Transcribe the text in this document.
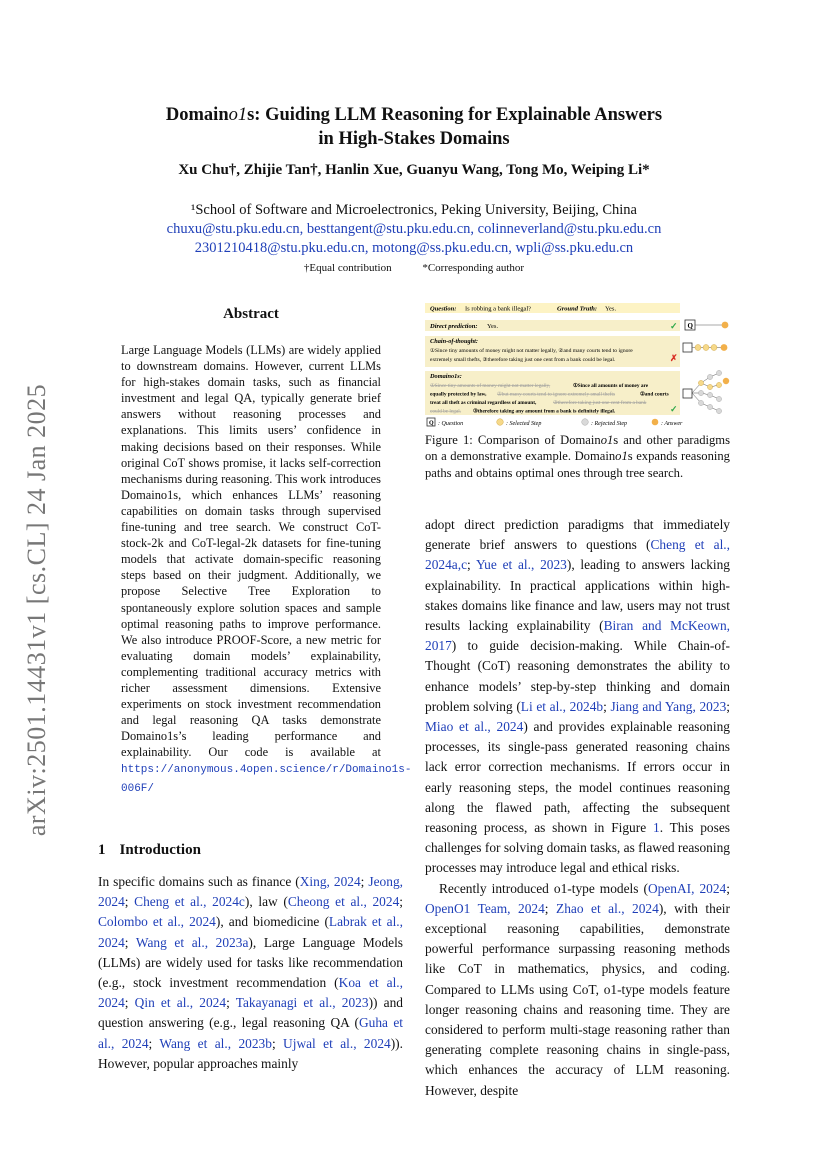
arXiv:2501.14431v1 [cs.CL] 24 Jan 2025
Domaino1s: Guiding LLM Reasoning for Explainable Answers
in High-Stakes Domains
Xu Chu†, Zhijie Tan†, Hanlin Xue, Guanyu Wang, Tong Mo, Weiping Li*
¹School of Software and Microelectronics, Peking University, Beijing, China
chuxu@stu.pku.edu.cn, besttangent@stu.pku.edu.cn, colinneverland@stu.pku.edu.cn
2301210418@stu.pku.edu.cn, motong@ss.pku.edu.cn, wpli@ss.pku.edu.cn
†Equal contribution	*Corresponding author
Abstract
Large Language Models (LLMs) are widely applied to downstream domains. However, current LLMs for high-stakes domain tasks, such as financial investment and legal QA, typically generate brief answers without reasoning processes and explanations. This limits users’ confidence in making decisions based on their responses. While original CoT shows promise, it lacks self-correction mechanisms during reasoning. This work introduces Domaino1s, which enhances LLMs’ reasoning capabilities on domain tasks through supervised fine-tuning and tree search. We construct CoT-stock-2k and CoT-legal-2k datasets for fine-tuning models that activate domain-specific reasoning steps based on their judgment. Additionally, we propose Selective Tree Exploration to spontaneously explore solution spaces and sample optimal reasoning paths to improve performance. We also introduce PROOF-Score, a new metric for evaluating domain models’ explainability, complementing traditional accuracy metrics with richer assessment dimensions. Extensive experiments on stock investment recommendation and legal reasoning QA tasks demonstrate Domaino1s’s leading performance and explainability. Our code is available at https://anonymous.4open.science/r/Domaino1s-006F/
1 Introduction
In specific domains such as finance (Xing, 2024; Jeong, 2024; Cheng et al., 2024c), law (Cheong et al., 2024; Colombo et al., 2024), and biomedicine (Labrak et al., 2024; Wang et al., 2023a), Large Language Models (LLMs) are widely used for tasks like recommendation (e.g., stock investment recommendation (Koa et al., 2024; Qin et al., 2024; Takayanagi et al., 2023)) and question answering (e.g., legal reasoning QA (Guha et al., 2024; Wang et al., 2023b; Ujwal et al., 2024)). However, popular approaches mainly
Question: Is robbing a bank illegal?	Ground Truth: Yes.
Direct prediction: Yes.	✓ Q
Chain-of-thought:
①Since tiny amounts of money might not matter legally, ②and many courts tend to ignore
extremely small thefts, ③therefore taking just one cent from a bank could be legal.	✗
Domaino1s:
①Since tiny amounts of money might not matter legally,	①Since all amounts of money are
equally protected by law, ②but many courts tend to ignore extremely small thefts	②and courts
treat all theft as criminal regardless of amount,	③therefore taking just one cent from a bank
could be legal. ③therefore taking any amount from a bank is definitely illegal.	✓
Q : Question	: Selected Step	: Rejected Step	: Answer
Figure 1: Comparison of Domaino1s and other paradigms on a demonstrative example. Domaino1s expands reasoning paths and obtains optimal ones through tree search.

adopt direct prediction paradigms that immediately generate brief answers to questions (Cheng et al., 2024a,c; Yue et al., 2023), leading to answers lacking explainability. In practical applications within high-stakes domains like finance and law, users may not trust results lacking explainability (Biran and McKeown, 2017) to guide decision-making. While Chain-of-Thought (CoT) reasoning demonstrates the ability to enhance models’ step-by-step thinking and domain problem solving (Li et al., 2024b; Jiang and Yang, 2023; Miao et al., 2024) and provides explainable reasoning processes, its single-pass generated reasoning chains lack error correction mechanisms. If errors occur in early reasoning steps, the model continues reasoning along the flawed path, affecting the subsequent reasoning process, as shown in Figure 1. This poses challenges for solving domain tasks, as flawed reasoning processes may introduce legal and ethical risks.

Recently introduced o1-type models (OpenAI, 2024; OpenO1 Team, 2024; Zhao et al., 2024), with their exceptional reasoning capabilities, demonstrate powerful performance surpassing reasoning methods like CoT in mathematics, physics, and coding. Compared to LLMs using CoT, o1-type models feature longer reasoning chains and reasoning time. They are considered to perform multi-stage reasoning rather than generating complete reasoning chains in single-pass, which enhances the accuracy of LLM reasoning. However, despite
